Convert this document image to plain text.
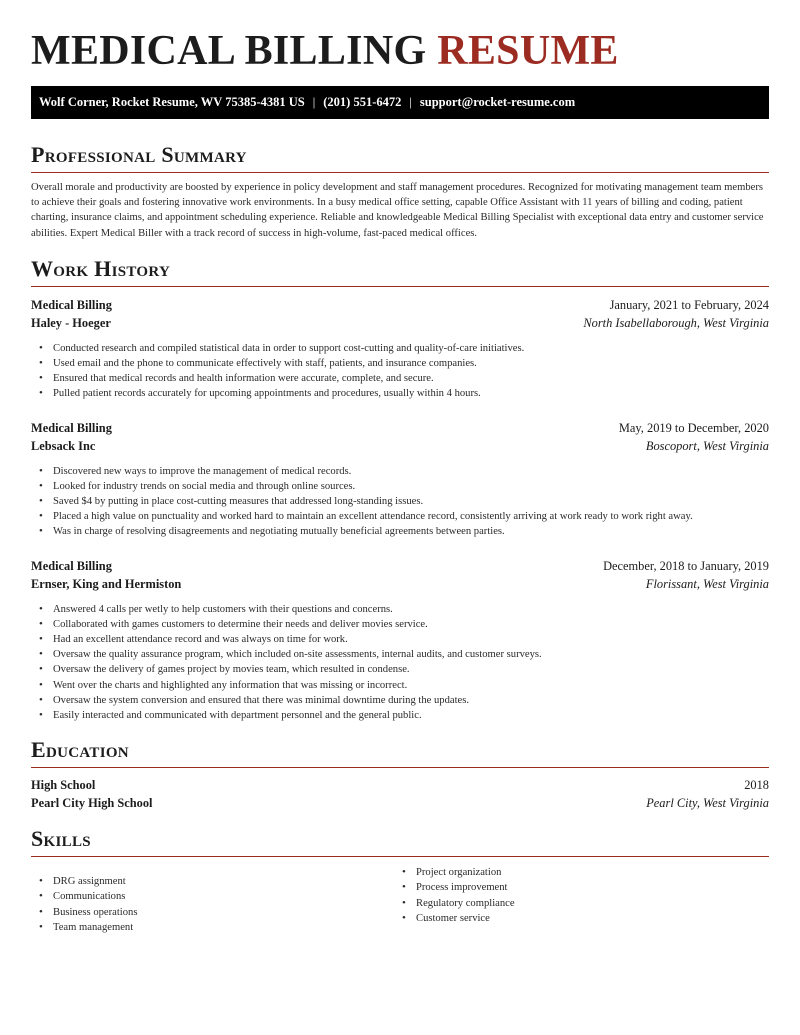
MEDICAL BILLING RESUME
Wolf Corner, Rocket Resume, WV 75385-4381 US | (201) 551-6472 | support@rocket-resume.com
Professional Summary

Overall morale and productivity are boosted by experience in policy development and staff management procedures. Recognized for motivating management team members to achieve their goals and fostering innovative work environments. In a busy medical office setting, capable Office Assistant with 11 years of billing and coding, patient charting, insurance claims, and appointment scheduling experience. Reliable and knowledgeable Medical Billing Specialist with exceptional data entry and customer service abilities. Expert Medical Biller with a track record of success in high-volume, fast-paced medical offices.

Work History
Medical Billing	January, 2021 to February, 2024
Haley - Hoeger	North Isabellaborough, West Virginia
• Conducted research and compiled statistical data in order to support cost-cutting and quality-of-care initiatives.
• Used email and the phone to communicate effectively with staff, patients, and insurance companies.
• Ensured that medical records and health information were accurate, complete, and secure.
• Pulled patient records accurately for upcoming appointments and procedures, usually within 4 hours.
Medical Billing	May, 2019 to December, 2020
Lebsack Inc	Boscoport, West Virginia
• Discovered new ways to improve the management of medical records.
• Looked for industry trends on social media and through online sources.
• Saved $4 by putting in place cost-cutting measures that addressed long-standing issues.
• Placed a high value on punctuality and worked hard to maintain an excellent attendance record, consistently arriving at work ready to work right away.
• Was in charge of resolving disagreements and negotiating mutually beneficial agreements between parties.
Medical Billing	December, 2018 to January, 2019
Ernser, King and Hermiston	Florissant, West Virginia
• Answered 4 calls per wetly to help customers with their questions and concerns.
• Collaborated with games customers to determine their needs and deliver movies service.
• Had an excellent attendance record and was always on time for work.
• Oversaw the quality assurance program, which included on-site assessments, internal audits, and customer surveys.
• Oversaw the delivery of games project by movies team, which resulted in condense.
• Went over the charts and highlighted any information that was missing or incorrect.
• Oversaw the system conversion and ensured that there was minimal downtime during the updates.
• Easily interacted and communicated with department personnel and the general public.
Education
High School	2018
Pearl City High School	Pearl City, West Virginia
Skills
• DRG assignment
• Communications
• Business operations
• Team management
• Project organization
• Process improvement
• Regulatory compliance
• Customer service
